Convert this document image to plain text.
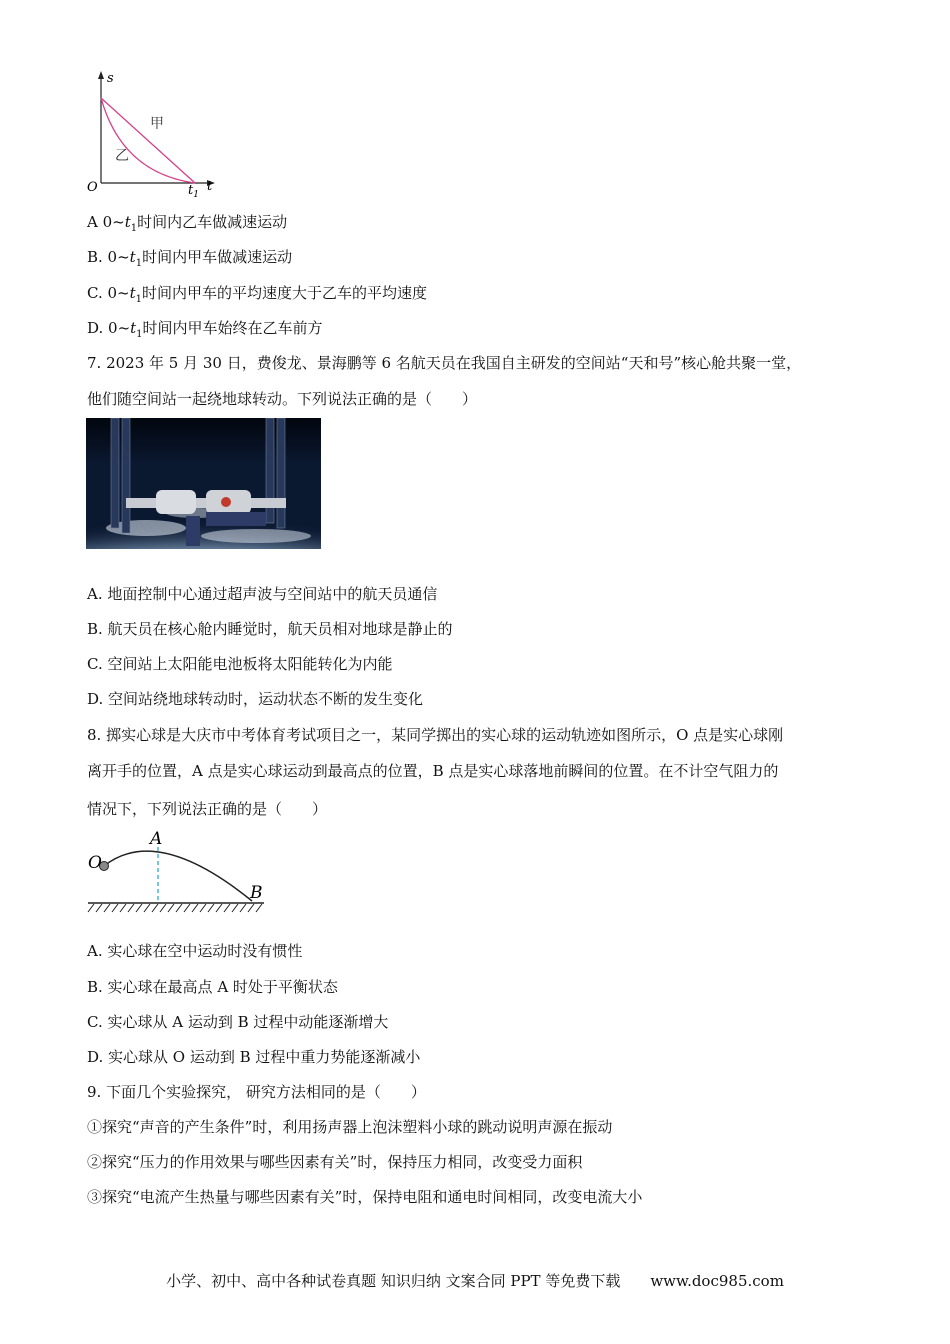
s
t
O	$t_1$
甲
乙
A $0\sim t_1$时间内乙车做减速运动
B. $0\sim t_1$时间内甲车做减速运动
C. $0\sim t_1$时间内甲车的平均速度大于乙车的平均速度
D. $0\sim t_1$时间内甲车始终在乙车前方
7. 2023 年 5 月 30 日，费俊龙、景海鹏等 6 名航天员在我国自主研发的空间站“天和号”核心舱共聚一堂，
他们随空间站一起绕地球转动。下列说法正确的是（　　）
A. 地面控制中心通过超声波与空间站中的航天员通信
B. 航天员在核心舱内睡觉时，航天员相对地球是静止的
C. 空间站上太阳能电池板将太阳能转化为内能
D. 空间站绕地球转动时，运动状态不断的发生变化
8. 掷实心球是大庆市中考体育考试项目之一，某同学掷出的实心球的运动轨迹如图所示，O 点是实心球刚
离开手的位置，A 点是实心球运动到最高点的位置，B 点是实心球落地前瞬间的位置。在不计空气阻力的
情况下，下列说法正确的是（　　）
O
A
B
A. 实心球在空中运动时没有惯性
B. 实心球在最高点 A 时处于平衡状态
C. 实心球从 A 运动到 B 过程中动能逐渐增大
D. 实心球从 O 运动到 B 过程中重力势能逐渐减小
9. 下面几个实验探究， 研究方法相同的是（　　）
①探究“声音的产生条件”时，利用扬声器上泡沫塑料小球的跳动说明声源在振动
②探究“压力的作用效果与哪些因素有关”时，保持压力相同，改变受力面积
③探究“电流产生热量与哪些因素有关”时，保持电阻和通电时间相同，改变电流大小
小学、初中、高中各种试卷真题 知识归纳 文案合同 PPT 等免费下载　　www.doc985.com
